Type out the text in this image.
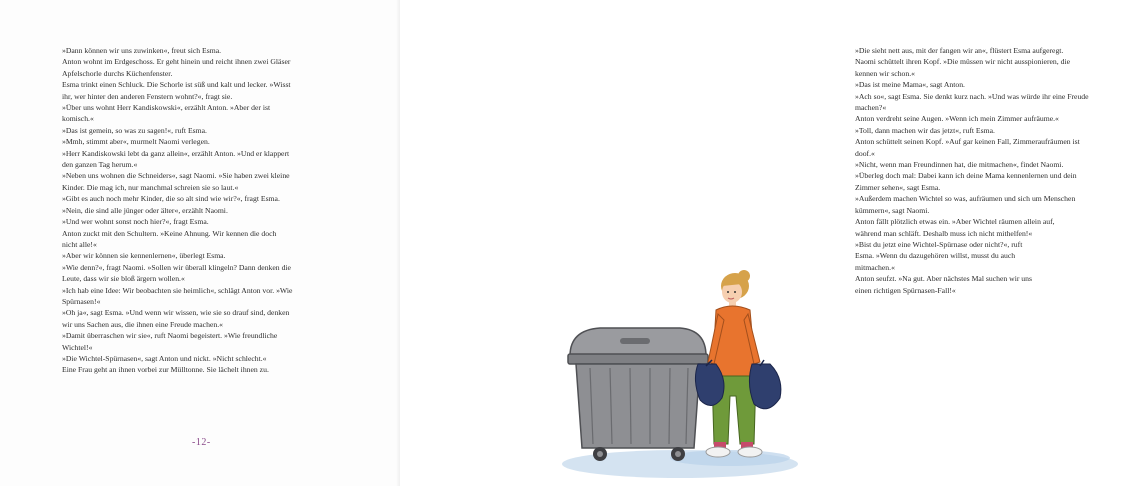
»Dann können wir uns zuwinken«, freut sich Esma.

Anton wohnt im Erdgeschoss. Er geht hinein und reicht ihnen zwei Gläser

Apfelschorle durchs Küchenfenster.

Esma trinkt einen Schluck. Die Schorle ist süß und kalt und lecker. »Wisst

ihr, wer hinter den anderen Fenstern wohnt?«, fragt sie.

»Über uns wohnt Herr Kandiskowski«, erzählt Anton. »Aber der ist

komisch.«

»Das ist gemein, so was zu sagen!«, ruft Esma.

»Mmh, stimmt aber«, murmelt Naomi verlegen.

»Herr Kandiskowski lebt da ganz allein«, erzählt Anton. »Und er klappert

den ganzen Tag herum.«

»Neben uns wohnen die Schneiders«, sagt Naomi. »Sie haben zwei kleine

Kinder. Die mag ich, nur manchmal schreien sie so laut.«

»Gibt es auch noch mehr Kinder, die so alt sind wie wir?«, fragt Esma.

»Nein, die sind alle jünger oder älter«, erzählt Naomi.

»Und wer wohnt sonst noch hier?«, fragt Esma.

Anton zuckt mit den Schultern. »Keine Ahnung. Wir kennen die doch

nicht alle!«

»Aber wir können sie kennenlernen«, überlegt Esma.

»Wie denn?«, fragt Naomi. »Sollen wir überall klingeln? Dann denken die

Leute, dass wir sie bloß ärgern wollen.«

»Ich hab eine Idee: Wir beobachten sie heimlich«, schlägt Anton vor. »Wie

Spürnasen!«

»Oh ja«, sagt Esma. »Und wenn wir wissen, wie sie so drauf sind, denken

wir uns Sachen aus, die ihnen eine Freude machen.«

»Damit überraschen wir sie«, ruft Naomi begeistert. »Wie freundliche

Wichtel!«

»Die Wichtel-Spürnasen«, sagt Anton und nickt. »Nicht schlecht.«

Eine Frau geht an ihnen vorbei zur Mülltonne. Sie lächelt ihnen zu.

-12-

»Die sieht nett aus, mit der fangen wir an«, flüstert Esma aufgeregt.

Naomi schüttelt ihren Kopf. »Die müssen wir nicht ausspionieren, die

kennen wir schon.«

»Das ist meine Mama«, sagt Anton.

»Ach so«, sagt Esma. Sie denkt kurz nach. »Und was würde ihr eine Freude

machen?«

Anton verdreht seine Augen. »Wenn ich mein Zimmer aufräume.«

»Toll, dann machen wir das jetzt«, ruft Esma.

Anton schüttelt seinen Kopf. »Auf gar keinen Fall, Zimmeraufräumen ist

doof.«

»Nicht, wenn man Freundinnen hat, die mitmachen«, findet Naomi.

»Überleg doch mal: Dabei kann ich deine Mama kennenlernen und dein

Zimmer sehen«, sagt Esma.

»Außerdem machen Wichtel so was, aufräumen und sich um Menschen

kümmern«, sagt Naomi.

Anton fällt plötzlich etwas ein. »Aber Wichtel räumen allein auf,

während man schläft. Deshalb muss ich nicht mithelfen!«

»Bist du jetzt eine Wichtel-Spürnase oder nicht?«, ruft

Esma. »Wenn du dazugehören willst, musst du auch

mitmachen.«

Anton seufzt. »Na gut. Aber nächstes Mal suchen wir uns

einen richtigen Spürnasen-Fall!«
